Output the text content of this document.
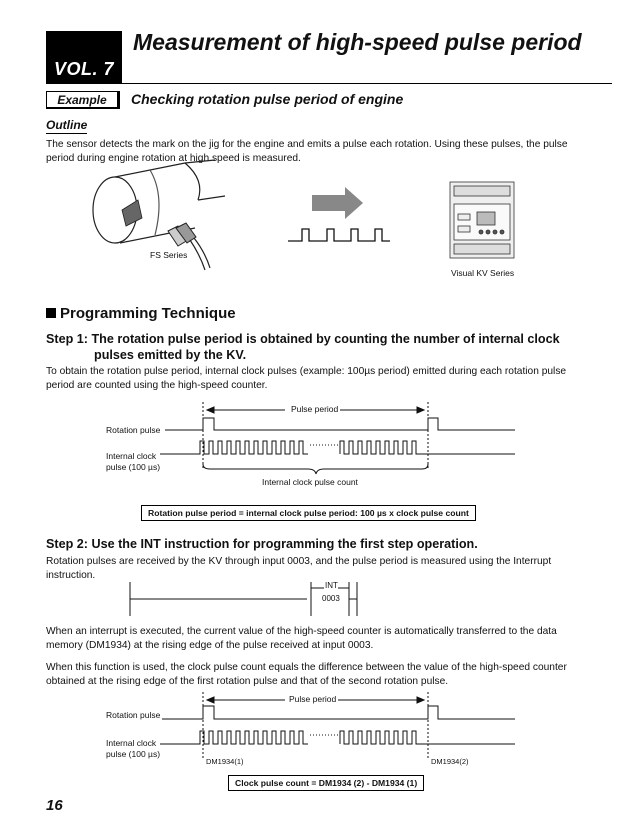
VOL. 7
Measurement of high-speed pulse period
Example	Checking rotation pulse period of engine
Outline
The sensor detects the mark on the jig for the engine and emits a pulse each rotation. Using these pulses, the pulse period during engine rotation at high speed is measured.
FS Series
Visual KV Series
Programming Technique
Step 1: The rotation pulse period is obtained by counting the number of internal clock pulses emitted by the KV.
To obtain the rotation pulse period, internal clock pulses (example: 100µs period) emitted during each rotation pulse period are counted using the high-speed counter.
Pulse period
Rotation pulse
Internal clock
pulse (100 µs)
Internal clock pulse count
Rotation pulse period = internal clock pulse period: 100 µs x clock pulse count
Step 2: Use the INT instruction for programming the first step operation.
Rotation pulses are received by the KV through input 0003, and the pulse period is measured using the Interrupt instruction.
INT
0003
When an interrupt is executed, the current value of the high-speed counter is automatically transferred to the data memory (DM1934) at the rising edge of the pulse received at input 0003.
When this function is used, the clock pulse count equals the difference between the value of the high-speed counter obtained at the rising edge of the first rotation pulse and that of the second rotation pulse.
Pulse period
Rotation pulse
Internal clock
pulse (100 µs)
DM1934(1)	DM1934(2)
Clock pulse count = DM1934 (2) - DM1934 (1)
16
